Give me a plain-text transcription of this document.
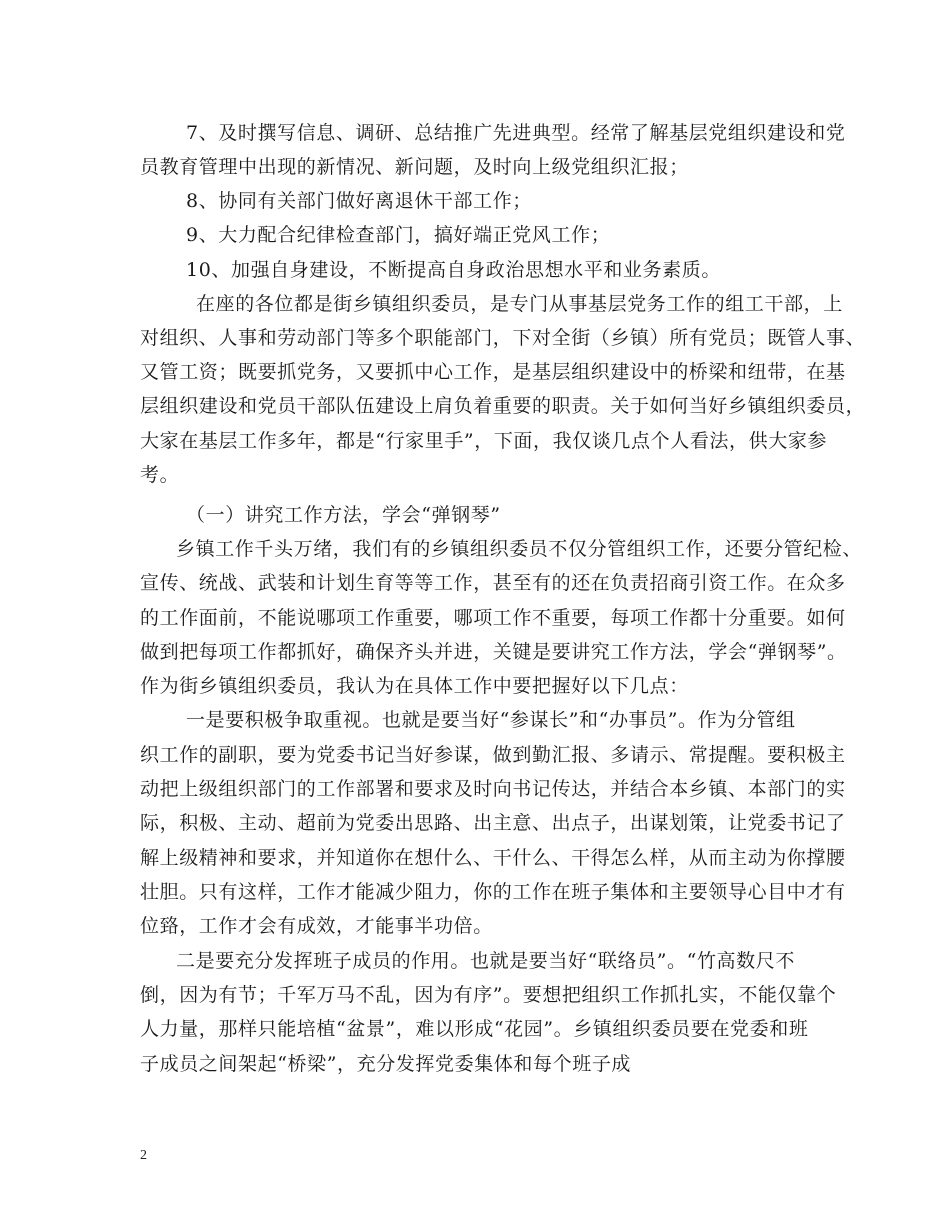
7、及时撰写信息、调研、总结推广先进典型。经常了解基层党组织建设和党
员教育管理中出现的新情况、新问题，及时向上级党组织汇报；
8、协同有关部门做好离退休干部工作；
9、大力配合纪律检查部门，搞好端正党风工作；
10、加强自身建设，不断提高自身政治思想水平和业务素质。
在座的各位都是街乡镇组织委员，是专门从事基层党务工作的组工干部，上
对组织、人事和劳动部门等多个职能部门，下对全街（乡镇）所有党员；既管人事、
又管工资；既要抓党务，又要抓中心工作，是基层组织建设中的桥梁和纽带，在基
层组织建设和党员干部队伍建设上肩负着重要的职责。关于如何当好乡镇组织委员，
大家在基层工作多年，都是“行家里手”，下面，我仅谈几点个人看法，供大家参
考。
（一）讲究工作方法，学会“弹钢琴”
乡镇工作千头万绪，我们有的乡镇组织委员不仅分管组织工作，还要分管纪检、
宣传、统战、武装和计划生育等等工作，甚至有的还在负责招商引资工作。在众多
的工作面前，不能说哪项工作重要，哪项工作不重要，每项工作都十分重要。如何
做到把每项工作都抓好，确保齐头并进，关键是要讲究工作方法，学会“弹钢琴”。
作为街乡镇组织委员，我认为在具体工作中要把握好以下几点：
一是要积极争取重视。也就是要当好“参谋长”和“办事员”。作为分管组
织工作的副职，要为党委书记当好参谋，做到勤汇报、多请示、常提醒。要积极主
动把上级组织部门的工作部署和要求及时向书记传达，并结合本乡镇、本部门的实
际，积极、主动、超前为党委出思路、出主意、出点子，出谋划策，让党委书记了
解上级精神和要求，并知道你在想什么、干什么、干得怎么样，从而主动为你撑腰
壮胆。只有这样，工作才能减少阻力，你的工作在班子集体和主要领导心目中才有
位臵，工作才会有成效，才能事半功倍。
二是要充分发挥班子成员的作用。也就是要当好“联络员”。“竹高数尺不
倒，因为有节；千军万马不乱，因为有序”。要想把组织工作抓扎实，不能仅靠个
人力量，那样只能培植“盆景”，难以形成“花园”。乡镇组织委员要在党委和班
子成员之间架起“桥梁”，充分发挥党委集体和每个班子成
2
